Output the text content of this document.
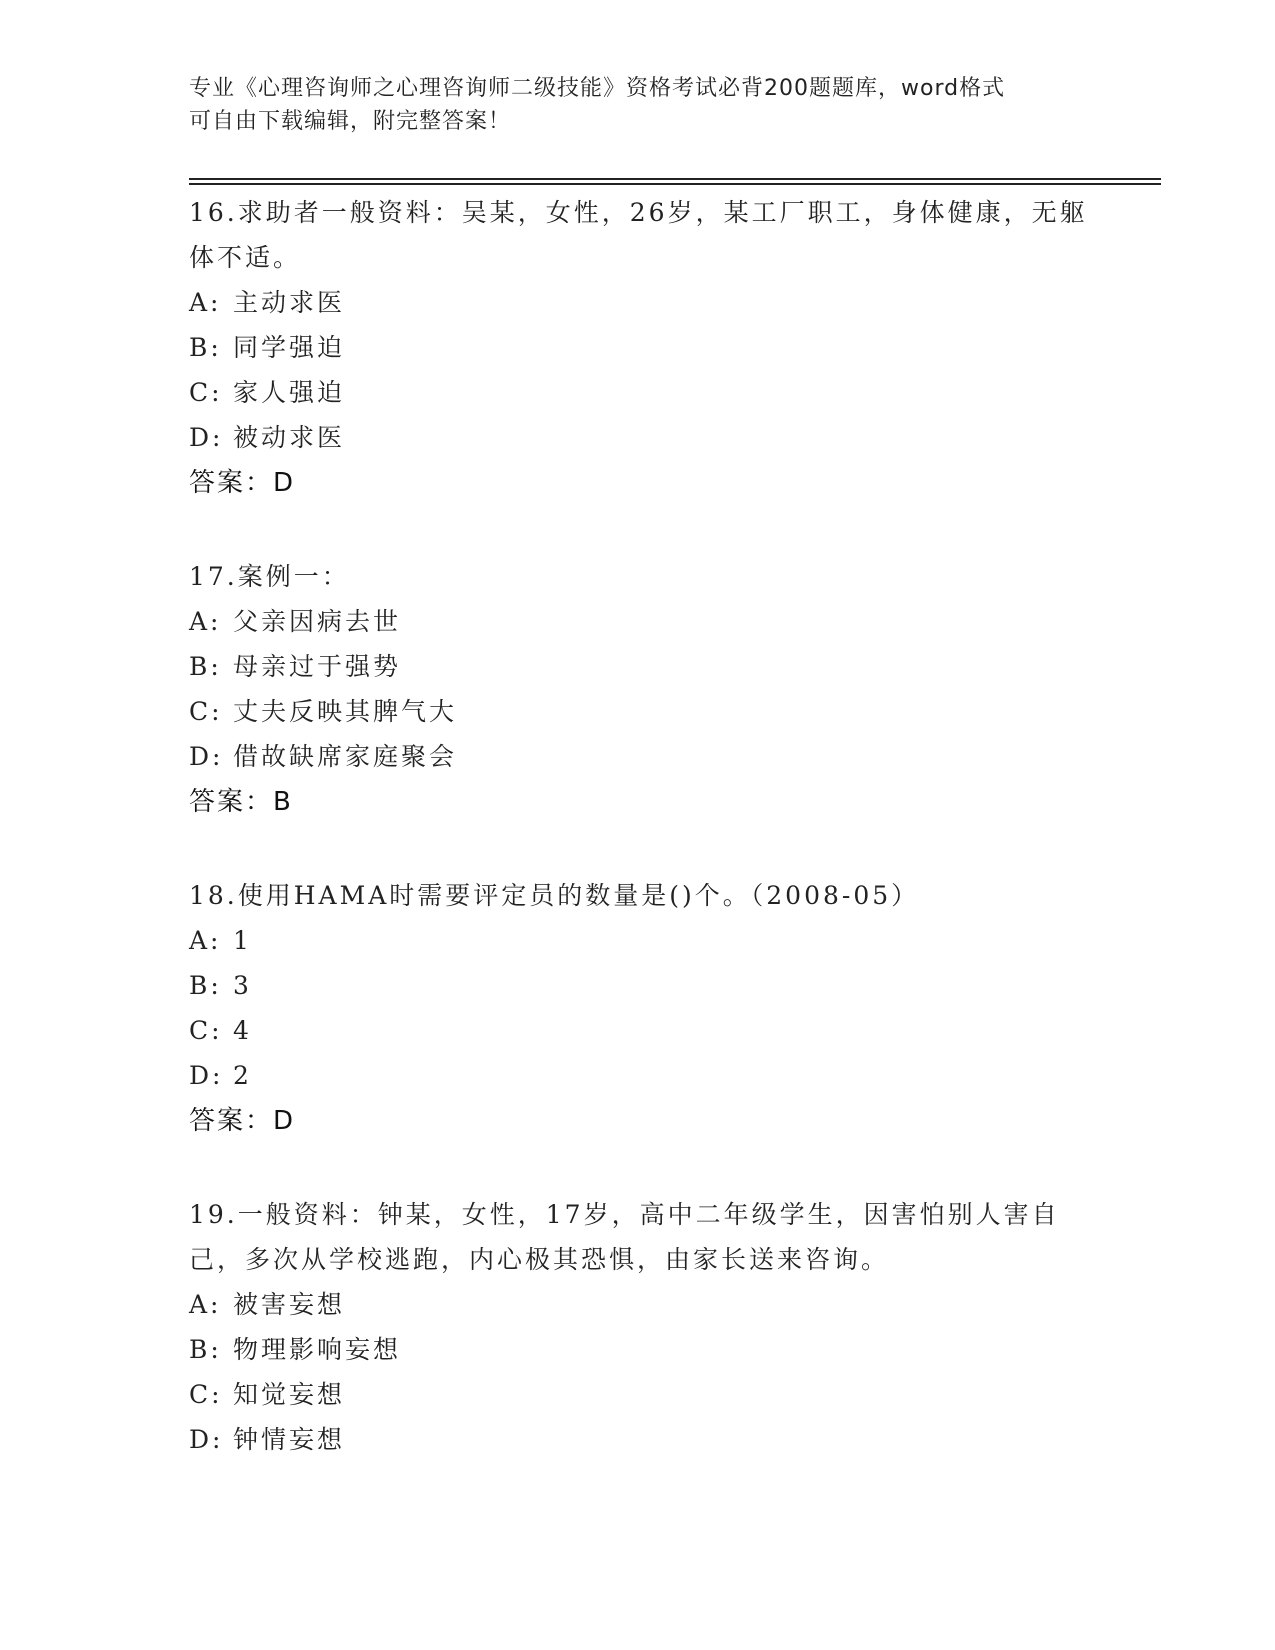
专业《心理咨询师之心理咨询师二级技能》资格考试必背200题题库，word格式
可自由下载编辑，附完整答案！

16.求助者一般资料：吴某，女性，26岁，某工厂职工，身体健康，无躯体不适。

A: 主动求医

B: 同学强迫

C: 家人强迫

D: 被动求医

答案：D

17.案例一：

A: 父亲因病去世

B: 母亲过于强势

C: 丈夫反映其脾气大

D: 借故缺席家庭聚会

答案：B

18.使用HAMA时需要评定员的数量是()个。（2008-05）

A: 1

B: 3

C: 4

D: 2

答案：D

19.一般资料：钟某，女性，17岁，高中二年级学生，因害怕别人害自己，多次从学校逃跑，内心极其恐惧，由家长送来咨询。

A: 被害妄想

B: 物理影响妄想

C: 知觉妄想

D: 钟情妄想
